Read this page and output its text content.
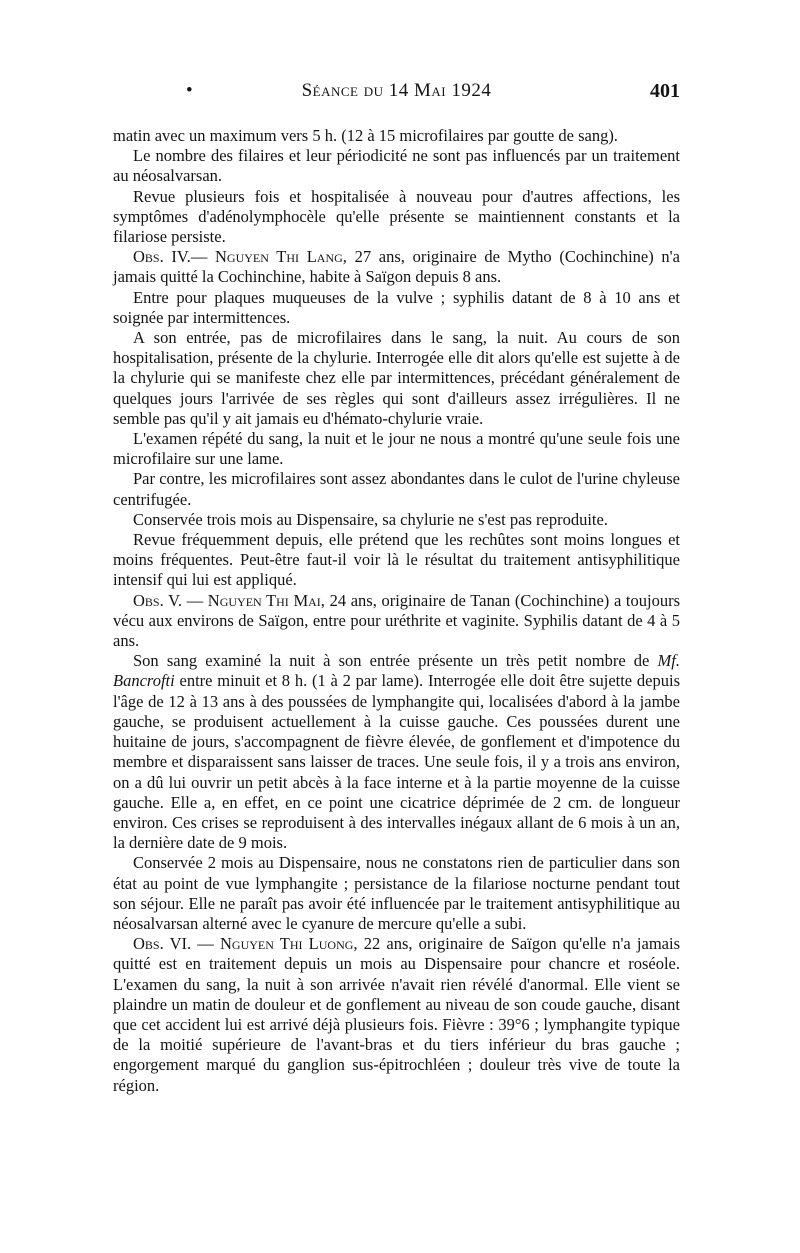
•	Séance du 14 Mai 1924	401

matin avec un maximum vers 5 h. (12 à 15 microfilaires par goutte de sang).

Le nombre des filaires et leur périodicité ne sont pas influencés par un traitement au néosalvarsan.

Revue plusieurs fois et hospitalisée à nouveau pour d'autres affections, les symptômes d'adénolymphocèle qu'elle présente se maintiennent constants et la filariose persiste.

Obs. IV.— Nguyen Thi Lang, 27 ans, originaire de Mytho (Cochinchine) n'a jamais quitté la Cochinchine, habite à Saïgon depuis 8 ans.

Entre pour plaques muqueuses de la vulve ; syphilis datant de 8 à 10 ans et soignée par intermittences.

A son entrée, pas de microfilaires dans le sang, la nuit. Au cours de son hospitalisation, présente de la chylurie. Interrogée elle dit alors qu'elle est sujette à de la chylurie qui se manifeste chez elle par intermittences, précédant généralement de quelques jours l'arrivée de ses règles qui sont d'ailleurs assez irrégulières. Il ne semble pas qu'il y ait jamais eu d'hémato-chylurie vraie.

L'examen répété du sang, la nuit et le jour ne nous a montré qu'une seule fois une microfilaire sur une lame.

Par contre, les microfilaires sont assez abondantes dans le culot de l'urine chyleuse centrifugée.

Conservée trois mois au Dispensaire, sa chylurie ne s'est pas reproduite.

Revue fréquemment depuis, elle prétend que les rechûtes sont moins longues et moins fréquentes. Peut-être faut-il voir là le résultat du traitement antisyphilitique intensif qui lui est appliqué.

Obs. V. — Nguyen Thi Mai, 24 ans, originaire de Tanan (Cochinchine) a toujours vécu aux environs de Saïgon, entre pour uréthrite et vaginite. Syphilis datant de 4 à 5 ans.

Son sang examiné la nuit à son entrée présente un très petit nombre de Mf. Bancrofti entre minuit et 8 h. (1 à 2 par lame). Interrogée elle doit être sujette depuis l'âge de 12 à 13 ans à des poussées de lymphangite qui, localisées d'abord à la jambe gauche, se produisent actuellement à la cuisse gauche. Ces poussées durent une huitaine de jours, s'accompagnent de fièvre élevée, de gonflement et d'impotence du membre et disparaissent sans laisser de traces. Une seule fois, il y a trois ans environ, on a dû lui ouvrir un petit abcès à la face interne et à la partie moyenne de la cuisse gauche. Elle a, en effet, en ce point une cicatrice déprimée de 2 cm. de longueur environ. Ces crises se reproduisent à des intervalles inégaux allant de 6 mois à un an, la dernière date de 9 mois.

Conservée 2 mois au Dispensaire, nous ne constatons rien de particulier dans son état au point de vue lymphangite ; persistance de la filariose nocturne pendant tout son séjour. Elle ne paraît pas avoir été influencée par le traitement antisyphilitique au néosalvarsan alterné avec le cyanure de mercure qu'elle a subi.

Obs. VI. — Nguyen Thi Luong, 22 ans, originaire de Saïgon qu'elle n'a jamais quitté est en traitement depuis un mois au Dispensaire pour chancre et roséole. L'examen du sang, la nuit à son arrivée n'avait rien révélé d'anormal. Elle vient se plaindre un matin de douleur et de gonflement au niveau de son coude gauche, disant que cet accident lui est arrivé déjà plusieurs fois. Fièvre : 39°6 ; lymphangite typique de la moitié supérieure de l'avant-bras et du tiers inférieur du bras gauche ; engorgement marqué du ganglion sus-épitrochléen ; douleur très vive de toute la région.
